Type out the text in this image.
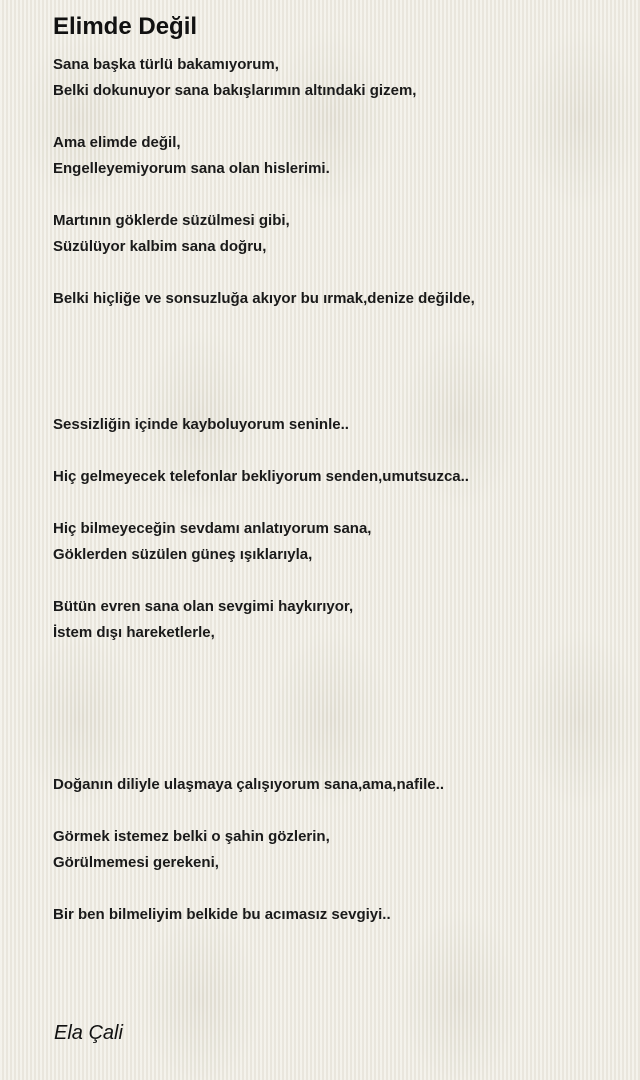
Elimde Değil

Sana başka türlü bakamıyorum,

Belki dokunuyor sana bakışlarımın altındaki gizem,

Ama elimde değil,

Engelleyemiyorum sana olan hislerimi.

Martının göklerde süzülmesi gibi,

Süzülüyor kalbim sana doğru,

Belki hiçliğe ve sonsuzluğa akıyor bu ırmak,denize değilde,

Sessizliğin içinde kayboluyorum seninle..

Hiç gelmeyecek telefonlar bekliyorum senden,umutsuzca..

Hiç bilmeyeceğin sevdamı anlatıyorum sana,

Göklerden süzülen güneş ışıklarıyla,

Bütün evren sana olan sevgimi haykırıyor,

İstem dışı hareketlerle,

Doğanın diliyle ulaşmaya çalışıyorum sana,ama,nafile..

Görmek istemez belki o şahin gözlerin,

Görülmemesi gerekeni,

Bir ben bilmeliyim belkide bu acımasız sevgiyi..

Ela Çali
